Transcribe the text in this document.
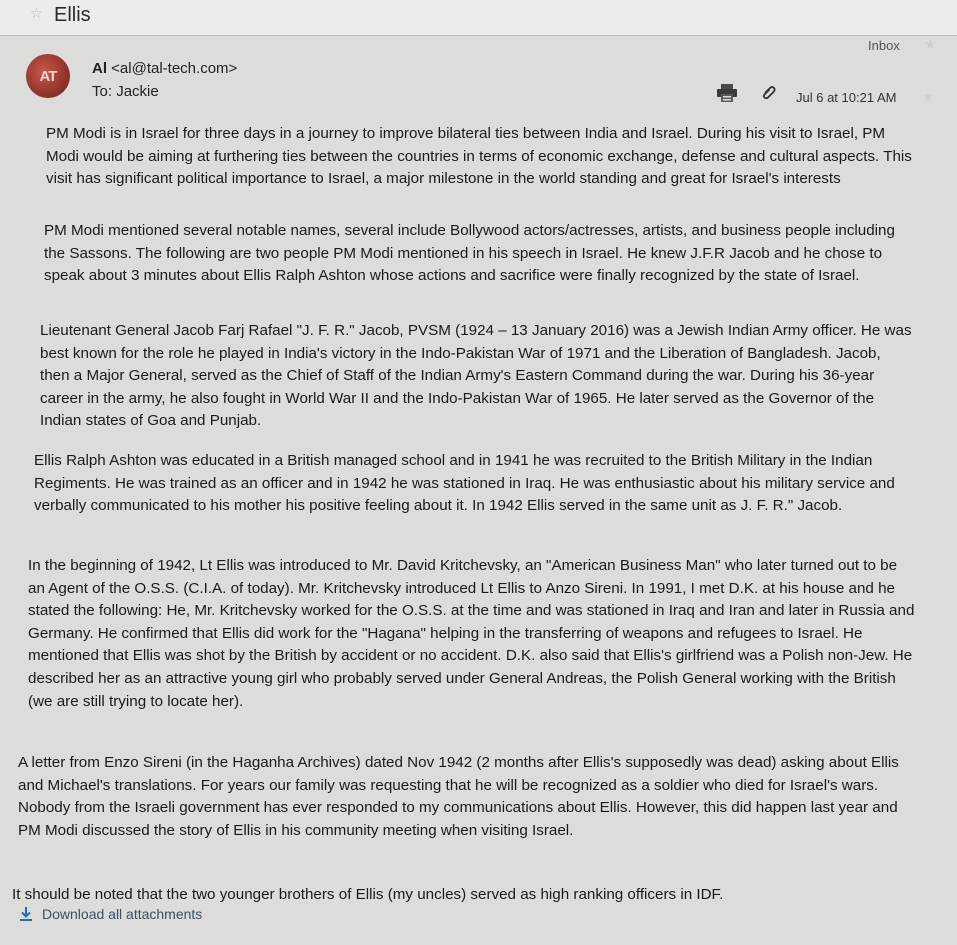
☆ Ellis
Inbox ★
AT Al <al@tal-tech.com>
To: Jackie	Jul 6 at 10:21 AM ★
PM Modi is in Israel for three days in a journey to improve bilateral ties between India and Israel. During his visit to Israel, PM Modi would be aiming at furthering ties between the countries in terms of economic exchange, defense and cultural aspects. This visit has significant political importance to Israel, a major milestone in the world standing and great for Israel's interests
PM Modi mentioned several notable names, several include Bollywood actors/actresses, artists, and business people including the Sassons. The following are two people PM Modi mentioned in his speech in Israel. He knew J.F.R Jacob and he chose to speak about 3 minutes about Ellis Ralph Ashton whose actions and sacrifice were finally recognized by the state of Israel.
Lieutenant General Jacob Farj Rafael "J. F. R." Jacob, PVSM (1924 – 13 January 2016) was a Jewish Indian Army officer. He was best known for the role he played in India's victory in the Indo-Pakistan War of 1971 and the Liberation of Bangladesh. Jacob, then a Major General, served as the Chief of Staff of the Indian Army's Eastern Command during the war. During his 36-year career in the army, he also fought in World War II and the Indo-Pakistan War of 1965. He later served as the Governor of the Indian states of Goa and Punjab.
Ellis Ralph Ashton was educated in a British managed school and in 1941 he was recruited to the British Military in the Indian Regiments. He was trained as an officer and in 1942 he was stationed in Iraq. He was enthusiastic about his military service and verbally communicated to his mother his positive feeling about it. In 1942 Ellis served in the same unit as J. F. R." Jacob.
In the beginning of 1942, Lt Ellis was introduced to Mr. David Kritchevsky, an "American Business Man" who later turned out to be an Agent of the O.S.S. (C.I.A. of today). Mr. Kritchevsky introduced Lt Ellis to Anzo Sireni. In 1991, I met D.K. at his house and he stated the following: He, Mr. Kritchevsky worked for the O.S.S. at the time and was stationed in Iraq and Iran and later in Russia and Germany. He confirmed that Ellis did work for the "Hagana" helping in the transferring of weapons and refugees to Israel. He mentioned that Ellis was shot by the British by accident or no accident. D.K. also said that Ellis's girlfriend was a Polish non-Jew. He described her as an attractive young girl who probably served under General Andreas, the Polish General working with the British (we are still trying to locate her).
A letter from Enzo Sireni (in the Haganha Archives) dated Nov 1942 (2 months after Ellis's supposedly was dead) asking about Ellis and Michael's translations. For years our family was requesting that he will be recognized as a soldier who died for Israel's wars. Nobody from the Israeli government has ever responded to my communications about Ellis. However, this did happen last year and PM Modi discussed the story of Ellis in his community meeting when visiting Israel.
It should be noted that the two younger brothers of Ellis (my uncles) served as high ranking officers in IDF.
Download all attachments
